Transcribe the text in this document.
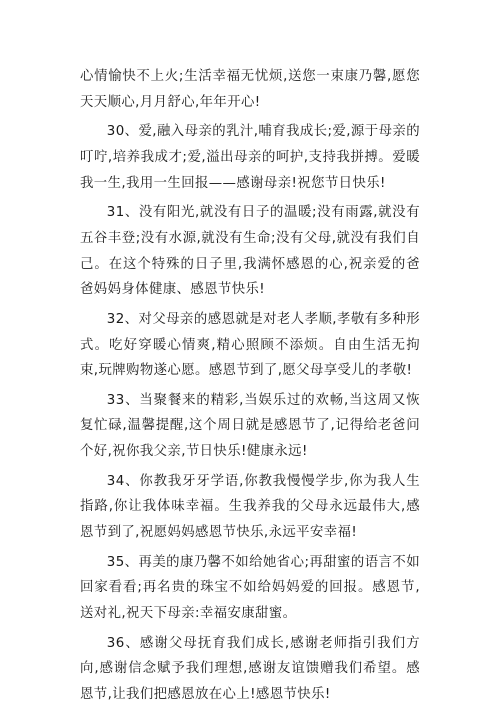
心情愉快不上火;生活幸福无忧烦,送您一束康乃馨,愿您天天顺心,月月舒心,年年开心!

30、爱,融入母亲的乳汁,哺育我成长;爱,源于母亲的叮咛,培养我成才;爱,溢出母亲的呵护,支持我拼搏。爱暖我一生,我用一生回报——感谢母亲!祝您节日快乐!

31、没有阳光,就没有日子的温暖;没有雨露,就没有五谷丰登;没有水源,就没有生命;没有父母,就没有我们自己。在这个特殊的日子里,我满怀感恩的心,祝亲爱的爸爸妈妈身体健康、感恩节快乐!

32、对父母亲的感恩就是对老人孝顺,孝敬有多种形式。吃好穿暖心情爽,精心照顾不添烦。自由生活无拘束,玩牌购物遂心愿。感恩节到了,愿父母享受儿的孝敬!

33、当聚餐来的精彩,当娱乐过的欢畅,当这周又恢复忙碌,温馨提醒,这个周日就是感恩节了,记得给老爸问个好,祝你我父亲,节日快乐!健康永远!

34、你教我牙牙学语,你教我慢慢学步,你为我人生指路,你让我体味幸福。生我养我的父母永远最伟大,感恩节到了,祝愿妈妈感恩节快乐,永远平安幸福!

35、再美的康乃馨不如给她省心;再甜蜜的语言不如回家看看;再名贵的珠宝不如给妈妈爱的回报。感恩节,送对礼,祝天下母亲:幸福安康甜蜜。

36、感谢父母抚育我们成长,感谢老师指引我们方向,感谢信念赋予我们理想,感谢友谊馈赠我们希望。感恩节,让我们把感恩放在心上!感恩节快乐!
